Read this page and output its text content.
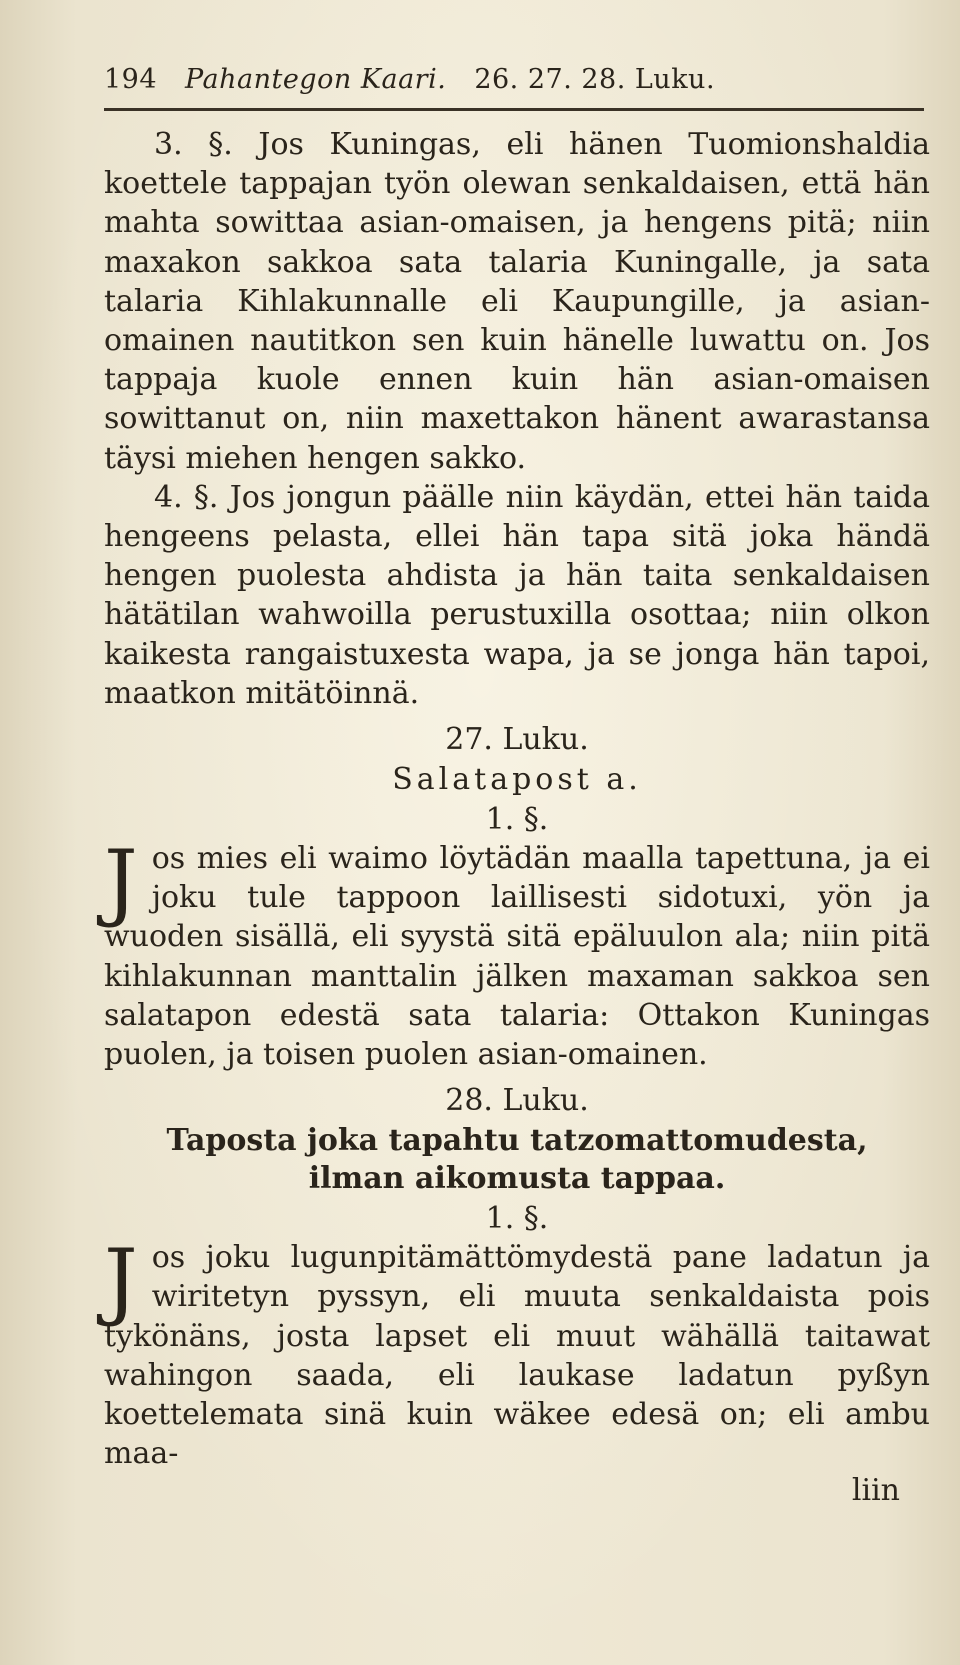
194 Pahantegon Kaari. 26. 27. 28. Luku.

3. §. Jos Kuningas, eli hänen Tuomionshaldia koettele tappajan työn olewan senkaldaisen, että hän mahta sowittaa asian-omaisen, ja hengens pitä; niin maxakon sakkoa sata talaria Kuningalle, ja sata talaria Kihlakunnalle eli Kaupungille, ja asian-omainen nautitkon sen kuin hänelle luwattu on. Jos tappaja kuole ennen kuin hän asian-omaisen sowittanut on, niin maxettakon hänent awarastansa täysi miehen hengen sakko.

4. §. Jos jongun päälle niin käydän, ettei hän taida hengeens pelasta, ellei hän tapa sitä joka händä hengen puolesta ahdista ja hän taita senkaldaisen hätätilan wahwoilla perustuxilla osottaa; niin olkon kaikesta rangaistuxesta wapa, ja se jonga hän tapoi, maatkon mitätöinnä.

27. Luku.
Salatapost a.
1. §.

J os mies eli waimo löytädän maalla tapettuna, ja ei joku tule tappoon laillisesti sidotuxi, yön ja wuoden sisällä, eli syystä sitä epäluulon ala; niin pitä kihlakunnan manttalin jälken maxaman sakkoa sen salatapon edestä sata talaria: Ottakon Kuningas puolen, ja toisen puolen asian-omainen.

28. Luku.
Taposta joka tapahtu tatzomattomudesta,
ilman aikomusta tappaa.
1. §.

J os joku lugunpitämättömydestä pane ladatun ja wiritetyn pyssyn, eli muuta senkaldaista pois tykönäns, josta lapset eli muut wähällä taitawat wahingon saada, eli laukase ladatun pyßyn koettelemata sinä kuin wäkee edesä on; eli ambu maa-

liin
